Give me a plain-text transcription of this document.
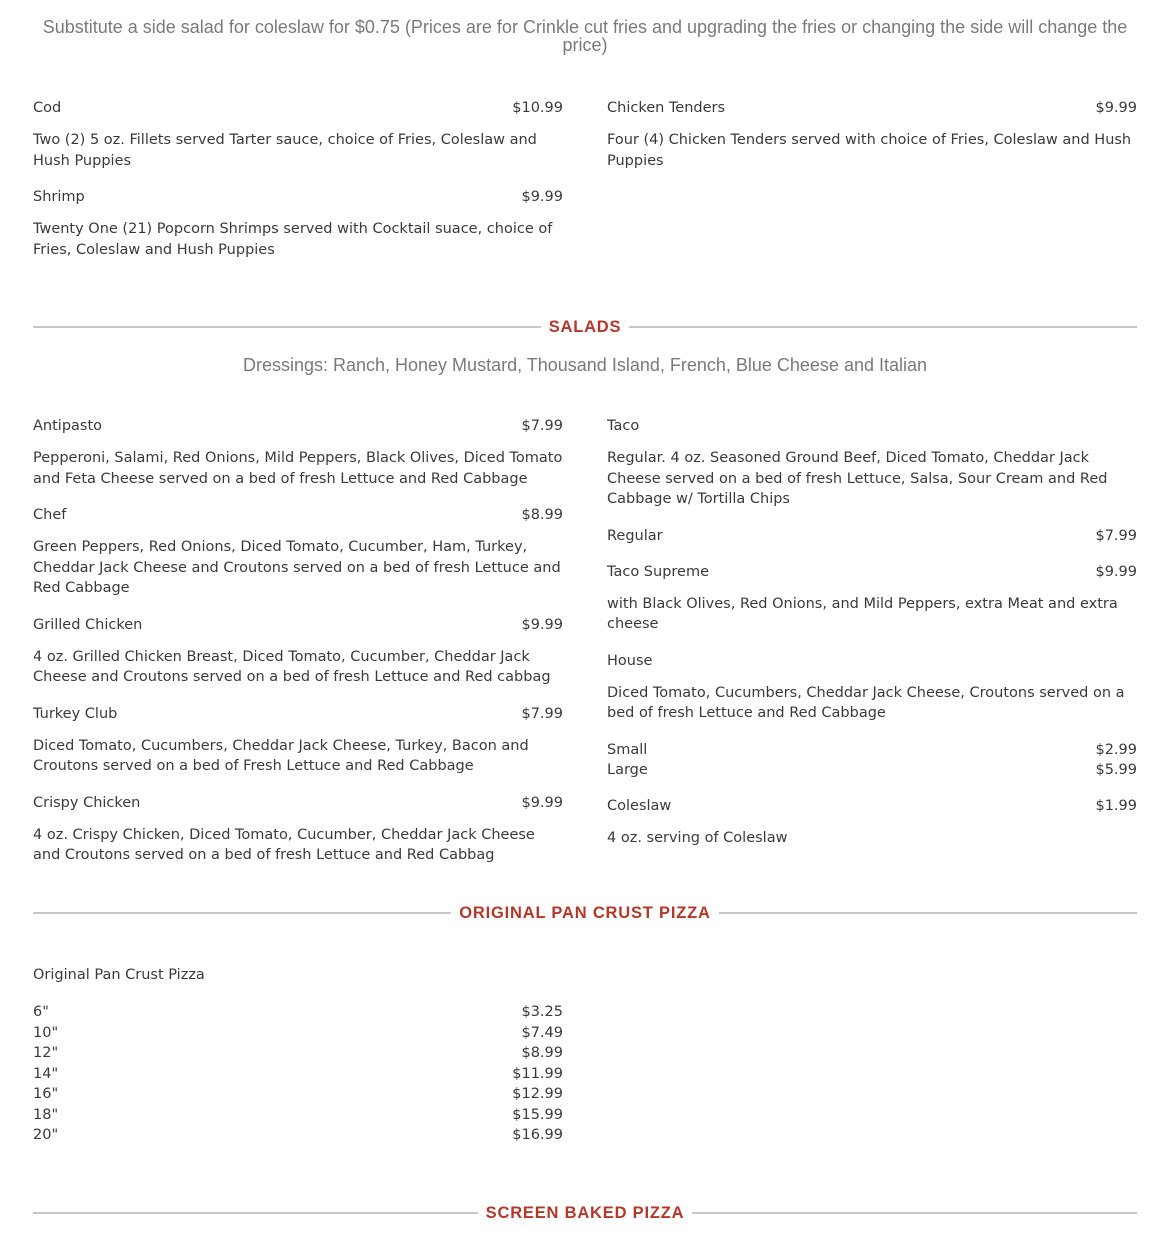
Substitute a side salad for coleslaw for $0.75 (Prices are for Crinkle cut fries and upgrading the fries or changing the side will change the price)
Cod	$10.99
Two (2) 5 oz. Fillets served Tarter sauce, choice of Fries, Coleslaw and Hush Puppies
Shrimp	$9.99
Twenty One (21) Popcorn Shrimps served with Cocktail suace, choice of Fries, Coleslaw and Hush Puppies
Chicken Tenders	$9.99
Four (4) Chicken Tenders served with choice of Fries, Coleslaw and Hush Puppies
SALADS
Dressings: Ranch, Honey Mustard, Thousand Island, French, Blue Cheese and Italian
Antipasto	$7.99
Pepperoni, Salami, Red Onions, Mild Peppers, Black Olives, Diced Tomato and Feta Cheese served on a bed of fresh Lettuce and Red Cabbage
Chef	$8.99
Green Peppers, Red Onions, Diced Tomato, Cucumber, Ham, Turkey, Cheddar Jack Cheese and Croutons served on a bed of fresh Lettuce and Red Cabbage
Grilled Chicken	$9.99
4 oz. Grilled Chicken Breast, Diced Tomato, Cucumber, Cheddar Jack Cheese and Croutons served on a bed of fresh Lettuce and Red cabbag
Turkey Club	$7.99
Diced Tomato, Cucumbers, Cheddar Jack Cheese, Turkey, Bacon and Croutons served on a bed of Fresh Lettuce and Red Cabbage
Crispy Chicken	$9.99
4 oz. Crispy Chicken, Diced Tomato, Cucumber, Cheddar Jack Cheese and Croutons served on a bed of fresh Lettuce and Red Cabbag
Taco
Regular. 4 oz. Seasoned Ground Beef, Diced Tomato, Cheddar Jack Cheese served on a bed of fresh Lettuce, Salsa, Sour Cream and Red Cabbage w/ Tortilla Chips
Regular	$7.99
Taco Supreme	$9.99
with Black Olives, Red Onions, and Mild Peppers, extra Meat and extra cheese
House
Diced Tomato, Cucumbers, Cheddar Jack Cheese, Croutons served on a bed of fresh Lettuce and Red Cabbage
Small	$2.99
Large	$5.99
Coleslaw	$1.99
4 oz. serving of Coleslaw
ORIGINAL PAN CRUST PIZZA
Original Pan Crust Pizza
6"	$3.25
10"	$7.49
12"	$8.99
14"	$11.99
16"	$12.99
18"	$15.99
20"	$16.99
SCREEN BAKED PIZZA
